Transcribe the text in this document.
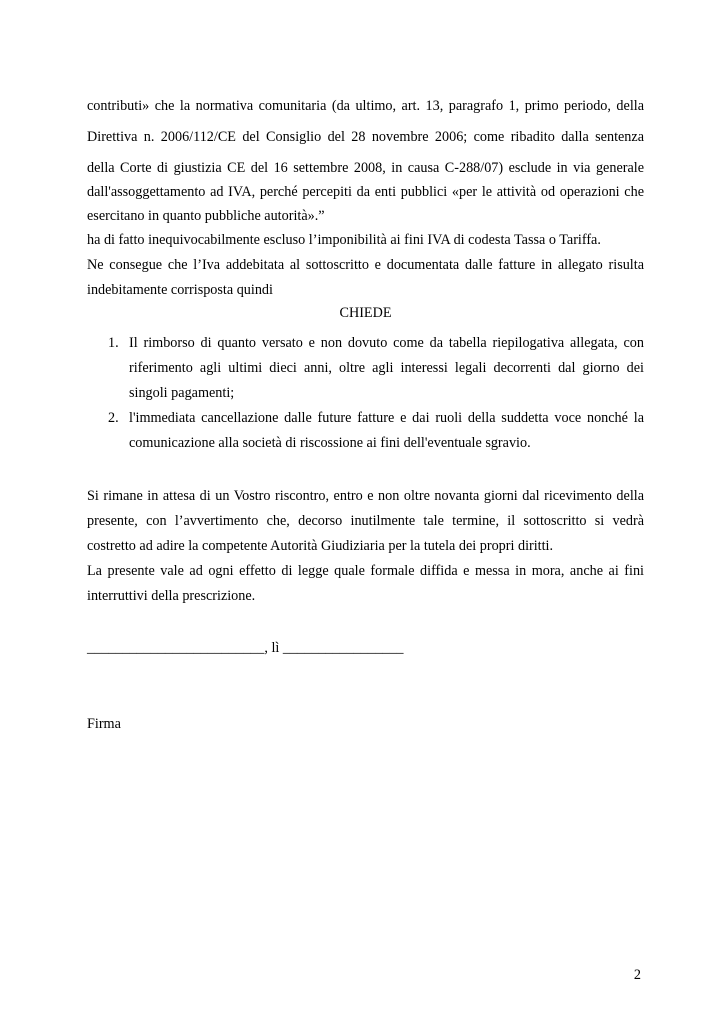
contributi» che la normativa comunitaria (da ultimo, art. 13, paragrafo 1, primo periodo, della
Direttiva n. 2006/112/CE del Consiglio del 28 novembre 2006; come ribadito dalla sentenza
della Corte di giustizia CE del 16 settembre 2008, in causa C-288/07) esclude in via generale
dall'assoggettamento ad IVA, perché percepiti da enti pubblici «per le attività od operazioni che
esercitano in quanto pubbliche autorità».”
ha di fatto inequivocabilmente escluso l’imponibilità ai fini IVA di codesta Tassa o Tariffa.
Ne consegue che l’Iva addebitata al sottoscritto e documentata dalle fatture in allegato risulta
indebitamente corrisposta quindi
CHIEDE
1. Il rimborso di quanto versato e non dovuto come da tabella riepilogativa allegata, con
riferimento agli ultimi dieci anni, oltre agli interessi legali decorrenti dal giorno dei
singoli pagamenti;
2. l'immediata cancellazione dalle future fatture e dai ruoli della suddetta voce nonché la
comunicazione alla società di riscossione ai fini dell'eventuale sgravio.
Si rimane in attesa di un Vostro riscontro, entro e non oltre novanta giorni dal ricevimento della
presente, con l’avvertimento che, decorso inutilmente tale termine, il sottoscritto si vedrà
costretto ad adire la competente Autorità Giudiziaria per la tutela dei propri diritti.
La presente vale ad ogni effetto di legge quale formale diffida e messa in mora, anche ai fini
interruttivi della prescrizione.
_________________________, lì _________________
Firma
2
